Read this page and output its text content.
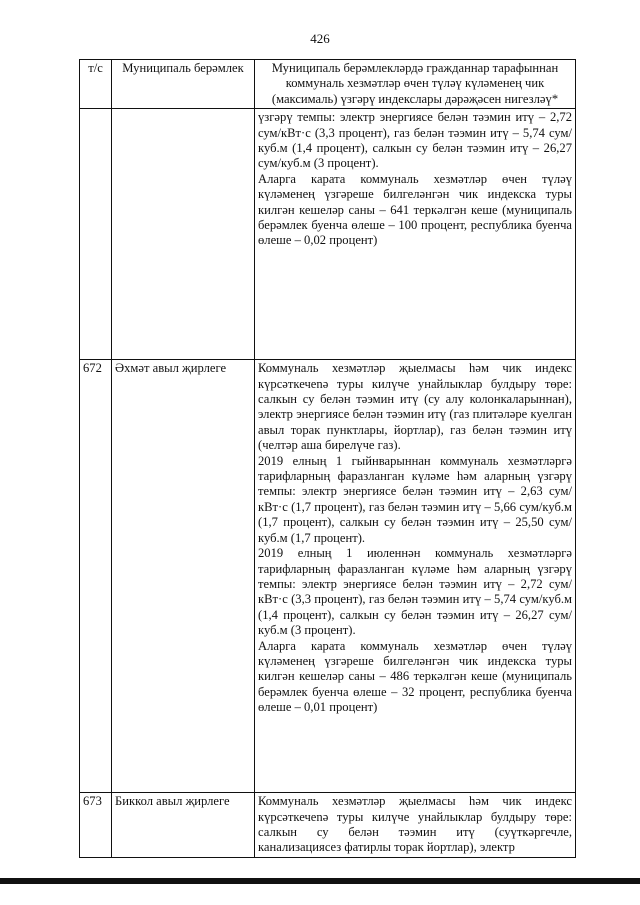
426
т/с	Муниципаль берәмлек	Муниципаль берәмлекләрдә гражданнар тарафыннан коммуналь хезмәтләр өчен түләү күләменең чик (максималь) үзгәрү индекслары дәрәҗәсен нигезләү*

		үзгәрү темпы: электр энергиясе белән тәэмин итү – 2,72 сум/кВт·с (3,3 процент), газ белән тәэмин итү – 5,74 сум/куб.м (1,4 процент), салкын су белән тәэмин итү – 26,27 сум/куб.м (3 процент).

Аларга карата коммуналь хезмәтләр өчен түләү күләменең үзгәреше билгеләнгән чик индекска туры килгән кешеләр саны – 641 теркәлгән кеше (муниципаль берәмлек буенча өлеше – 100 процент, республика буенча өлеше – 0,02 процент)

672	Әхмәт авыл җирлеге	Коммуналь хезмәтләр җыелмасы һәм чик индекс күрсәткечenә туры килүче унайлыклар булдыру төре: салкын су белән тәэмин итү (су алу колонкаларыннан), электр энергиясе белән тәэмин итү (газ плитәләре куелган авыл торак пунктлары, йортлар), газ белән тәэмин итү (челтәр аша бирелүче газ).

2019 елның 1 гыйнварыннан коммуналь хезмәтләргә тарифларның фаразланган күләме һәм аларның үзгәрү темпы: электр энергиясе белән тәэмин итү – 2,63 сум/кВт·с (1,7 процент), газ белән тәэмин итү – 5,66 сум/куб.м (1,7 процент), салкын су белән тәэмин итү – 25,50 сум/куб.м (1,7 процент).

2019 елның 1 июленнән коммуналь хезмәтләргә тарифларның фаразланган күләме һәм аларның үзгәрү темпы: электр энергиясе белән тәэмин итү – 2,72 сум/кВт·с (3,3 процент), газ белән тәэмин итү – 5,74 сум/куб.м (1,4 процент), салкын су белән тәэмин итү – 26,27 сум/куб.м (3 процент).

Аларга карата коммуналь хезмәтләр өчен түләү күләменең үзгәреше билгеләнгән чик индекска туры килгән кешеләр саны – 486 теркәлгән кеше (муниципаль берәмлек буенча өлеше – 32 процент, республика буенча өлеше – 0,01 процент)

673	Биккол авыл җирлеге	Коммуналь хезмәтләр җыелмасы һәм чик индекс күрсәткечenә туры килүче унайлыклар булдыру төре: салкын су белән тәэмин итү (суүткәргечле, канализациясез фатирлы торак йортлар), электр
